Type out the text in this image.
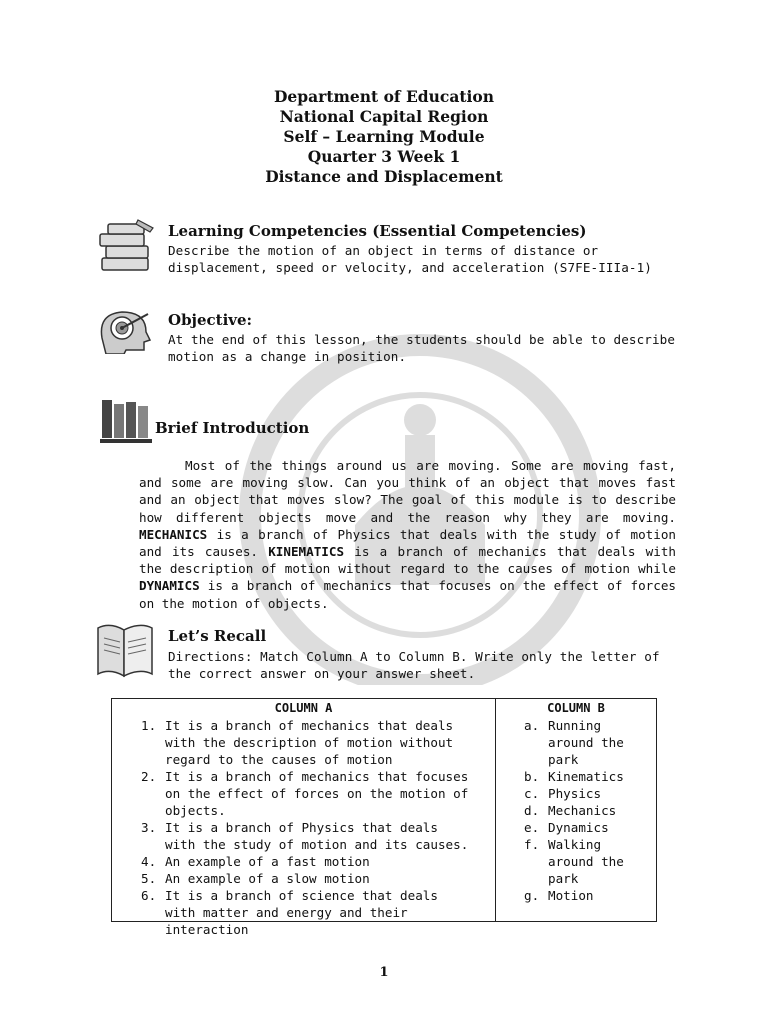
Department of Education
National Capital Region
Self – Learning Module
Quarter 3 Week 1
Distance and Displacement
Learning Competencies (Essential Competencies)
Describe the motion of an object in terms of distance or
displacement, speed or velocity, and acceleration (S7FE-IIIa-1)
Objective:
At the end of this lesson, the students should be able to describe
motion as a change in position.
Brief Introduction
Most of the things around us are moving. Some are moving fast, and some are moving slow. Can you think of an object that moves fast and an object that moves slow? The goal of this module is to describe how different objects move and the reason why they are moving. MECHANICS is a branch of Physics that deals with the study of motion and its causes. KINEMATICS is a branch of mechanics that deals with the description of motion without regard to the causes of motion while DYNAMICS is a branch of mechanics that focuses on the effect of forces on the motion of objects.
Let’s Recall
Directions: Match Column A to Column B. Write only the letter of
the correct answer on your answer sheet.
COLUMN A
1. It is a branch of mechanics that deals with the description of motion without regard to the causes of motion
2. It is a branch of mechanics that focuses on the effect of forces on the motion of objects.
3. It is a branch of Physics that deals with the study of motion and its causes.
4. An example of a fast motion
5. An example of a slow motion
6. It is a branch of science that deals with matter and energy and their interaction
COLUMN B
a. Running around the park
b. Kinematics
c. Physics
d. Mechanics
e. Dynamics
f. Walking around the park
g. Motion
1
